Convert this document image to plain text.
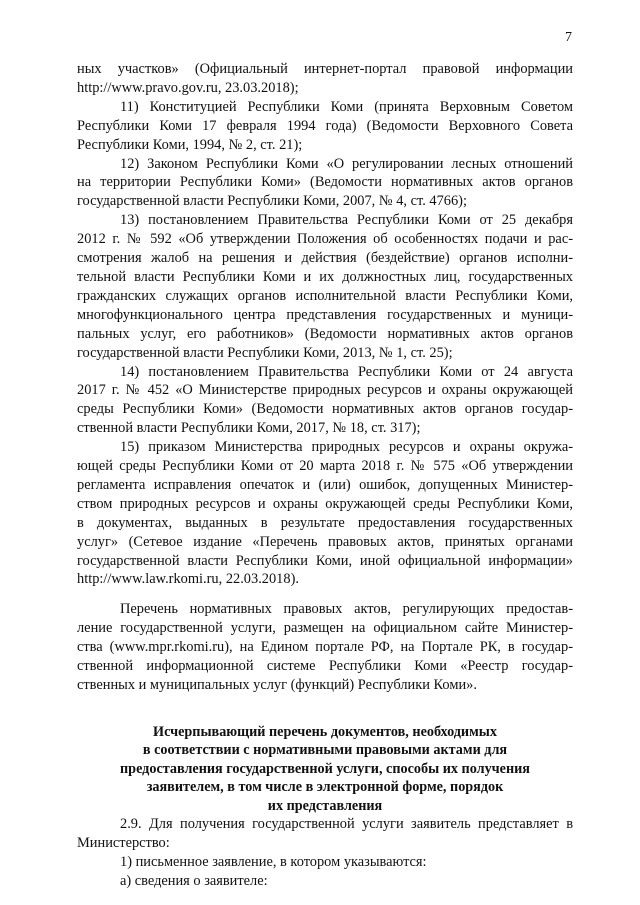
7
ных участков» (Официальный интернет-портал правовой информации
http://www.pravo.gov.ru, 23.03.2018);
11) Конституцией Республики Коми (принята Верховным Советом
Республики Коми 17 февраля 1994 года) (Ведомости Верховного Совета
Республики Коми, 1994, № 2, ст. 21);
12) Законом Республики Коми «О регулировании лесных отношений
на территории Республики Коми» (Ведомости нормативных актов органов
государственной власти Республики Коми, 2007, № 4, ст. 4766);
13) постановлением Правительства Республики Коми от 25 декабря
2012 г. № 592 «Об утверждении Положения об особенностях подачи и рас-
смотрения жалоб на решения и действия (бездействие) органов исполни-
тельной власти Республики Коми и их должностных лиц, государственных
гражданских служащих органов исполнительной власти Республики Коми,
многофункционального центра представления государственных и муници-
пальных услуг, его работников» (Ведомости нормативных актов органов
государственной власти Республики Коми, 2013, № 1, ст. 25);
14) постановлением Правительства Республики Коми от 24 августа
2017 г. № 452 «О Министерстве природных ресурсов и охраны окружающей
среды Республики Коми» (Ведомости нормативных актов органов государ-
ственной власти Республики Коми, 2017, № 18, ст. 317);
15) приказом Министерства природных ресурсов и охраны окружа-
ющей среды Республики Коми от 20 марта 2018 г. № 575 «Об утверждении
регламента исправления опечаток и (или) ошибок, допущенных Министер-
ством природных ресурсов и охраны окружающей среды Республики Коми,
в документах, выданных в результате предоставления государственных
услуг» (Сетевое издание «Перечень правовых актов, принятых органами
государственной власти Республики Коми, иной официальной информации»
http://www.law.rkomi.ru, 22.03.2018).
Перечень нормативных правовых актов, регулирующих предостав-
ление государственной услуги, размещен на официальном сайте Министер-
ства (www.mpr.rkomi.ru), на Едином портале РФ, на Портале РК, в государ-
ственной информационной системе Республики Коми «Реестр государ-
ственных и муниципальных услуг (функций) Республики Коми».
Исчерпывающий перечень документов, необходимых
в соответствии с нормативными правовыми актами для
предоставления государственной услуги, способы их получения
заявителем, в том числе в электронной форме, порядок
их представления
2.9. Для получения государственной услуги заявитель представляет в
Министерство:
1) письменное заявление, в котором указываются:
а) сведения о заявителе:
